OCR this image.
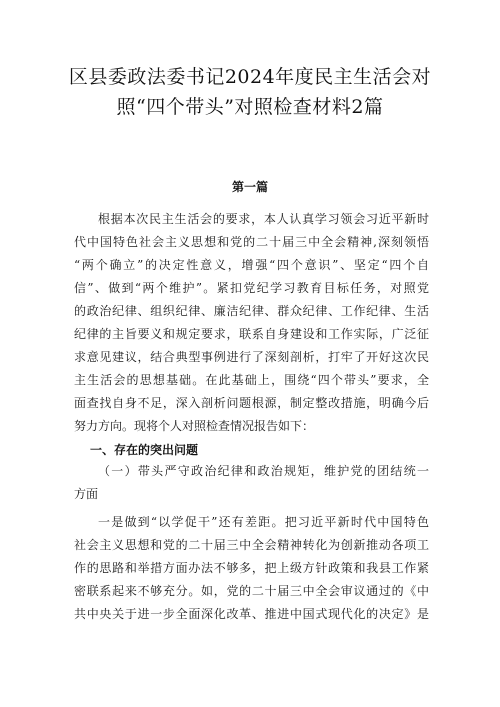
区县委政法委书记2024年度民主生活会对
照“四个带头”对照检查材料2篇
第一篇
根据本次民主生活会的要求，本人认真学习领会习近平新时
代中国特色社会主义思想和党的二十届三中全会精神,深刻领悟
“两个确立”的决定性意义，增强“四个意识”、坚定“四个自
信”、做到“两个维护”。紧扣党纪学习教育目标任务，对照党
的政治纪律、组织纪律、廉洁纪律、群众纪律、工作纪律、生活
纪律的主旨要义和规定要求，联系自身建设和工作实际，广泛征
求意见建议，结合典型事例进行了深刻剖析，打牢了开好这次民
主生活会的思想基础。在此基础上，围绕“四个带头”要求，全
面查找自身不足，深入剖析问题根源，制定整改措施，明确今后
一、存在的突出问题
（一）带头严守政治纪律和政治规矩，维护党的团结统一
方面
一是做到“以学促干”还有差距。把习近平新时代中国特色
社会主义思想和党的二十届三中全会精神转化为创新推动各项工
作的思路和举措方面办法不够多，把上级方针政策和我县工作紧
密联系起来不够充分。如，党的二十届三中全会审议通过的《中
共中央关于进一步全面深化改革、推进中国式现代化的决定》是
努力方向。现将个人对照检查情况报告如下：
